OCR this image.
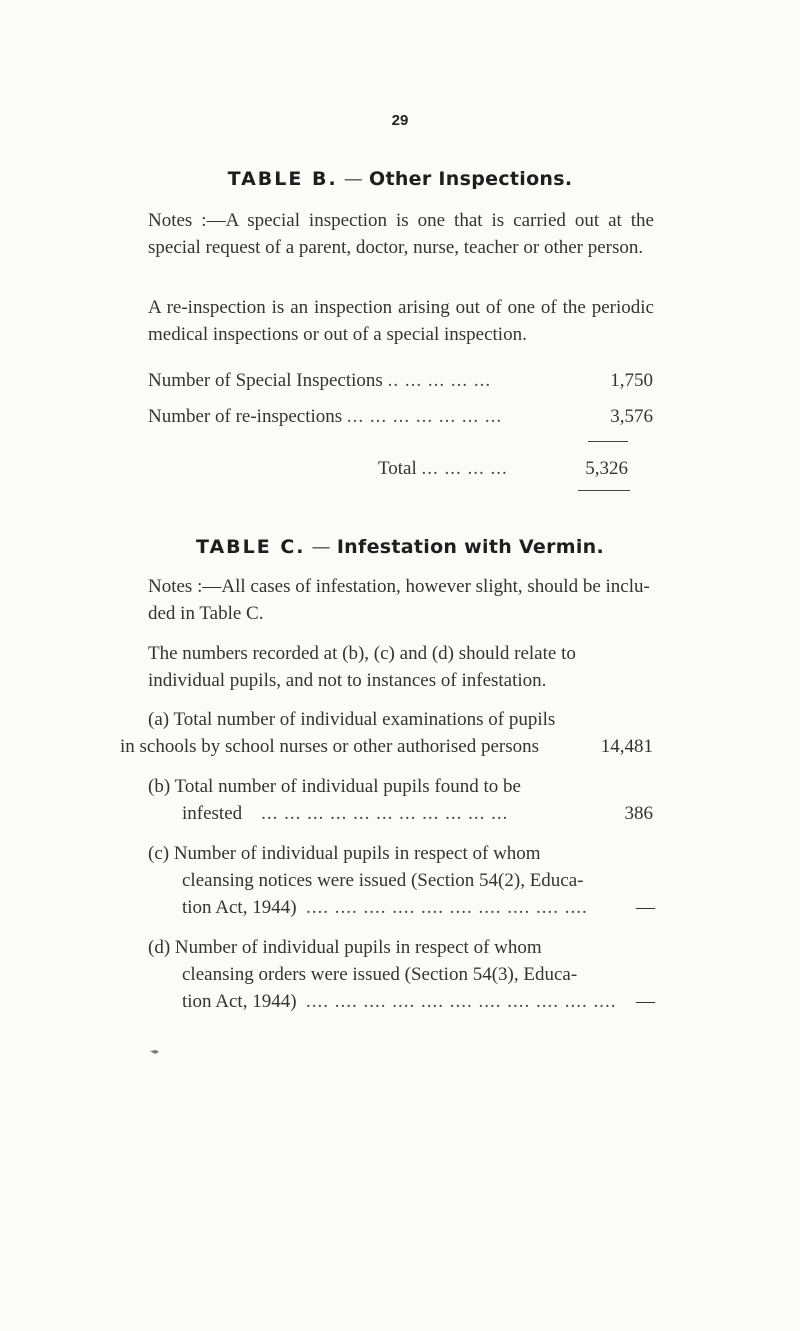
29
TABLE B. — Other Inspections.

Notes :—A special inspection is one that is carried out at the special request of a parent, doctor, nurse, teacher or other person.

A re-inspection is an inspection arising out of one of the periodic medical inspections or out of a special inspection.

Number of Special Inspections .. ... ... ... ...	1,750
Number of re-inspections ... ... ... ... ... ... ...	3,576
Total ... ... ... ...	5,326
TABLE C. — Infestation with Vermin.
Notes :—All cases of infestation, however slight, should be inclu-
ded in Table C.
The numbers recorded at (b), (c) and (d) should relate to
individual pupils, and not to instances of infestation.
(a) Total number of individual examinations of pupils
in schools by school nurses or other authorised persons	14,481
(b) Total number of individual pupils found to be
infested ... ... ... ... ... ... ... ... ... ... ...	386
(c) Number of individual pupils in respect of whom
cleansing notices were issued (Section 54(2), Educa-
tion Act, 1944) .... .... .... .... .... .... .... .... .... ....	—
(d) Number of individual pupils in respect of whom
cleansing orders were issued (Section 54(3), Educa-
tion Act, 1944) .... .... .... .... .... .... .... .... .... .... .... —
